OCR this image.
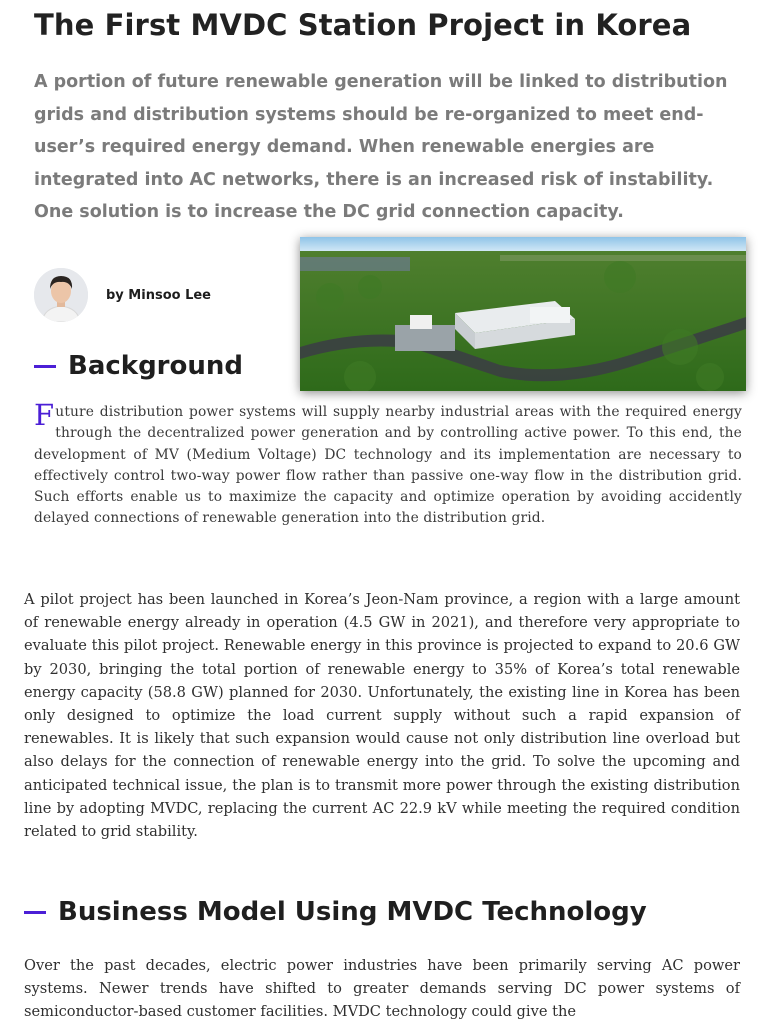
The First MVDC Station Project in Korea

A portion of future renewable generation will be linked to distribution grids and distribution systems should be re-organized to meet end-user’s required energy demand. When renewable energies are integrated into AC networks, there is an increased risk of instability. One solution is to increase the DC grid connection capacity.

by Minsoo Lee
Background

Future distribution power systems will supply nearby industrial areas with the required energy through the decentralized power generation and by controlling active power. To this end, the development of MV (Medium Voltage) DC technology and its implementation are necessary to effectively control two-way power flow rather than passive one-way flow in the distribution grid. Such efforts enable us to maximize the capacity and optimize operation by avoiding accidently delayed connections of renewable generation into the distribution grid.

A pilot project has been launched in Korea’s Jeon-Nam province, a region with a large amount of renewable energy already in operation (4.5 GW in 2021), and therefore very appropriate to evaluate this pilot project. Renewable energy in this province is projected to expand to 20.6 GW by 2030, bringing the total portion of renewable energy to 35% of Korea’s total renewable energy capacity (58.8 GW) planned for 2030. Unfortunately, the existing line in Korea has been only designed to optimize the load current supply without such a rapid expansion of renewables. It is likely that such expansion would cause not only distribution line overload but also delays for the connection of renewable energy into the grid. To solve the upcoming and anticipated technical issue, the plan is to transmit more power through the existing distribution line by adopting MVDC, replacing the current AC 22.9 kV while meeting the required condition related to grid stability.

Business Model Using MVDC Technology

Over the past decades, electric power industries have been primarily serving AC power systems. Newer trends have shifted to greater demands serving DC power systems of semiconductor-based customer facilities. MVDC technology could give the
